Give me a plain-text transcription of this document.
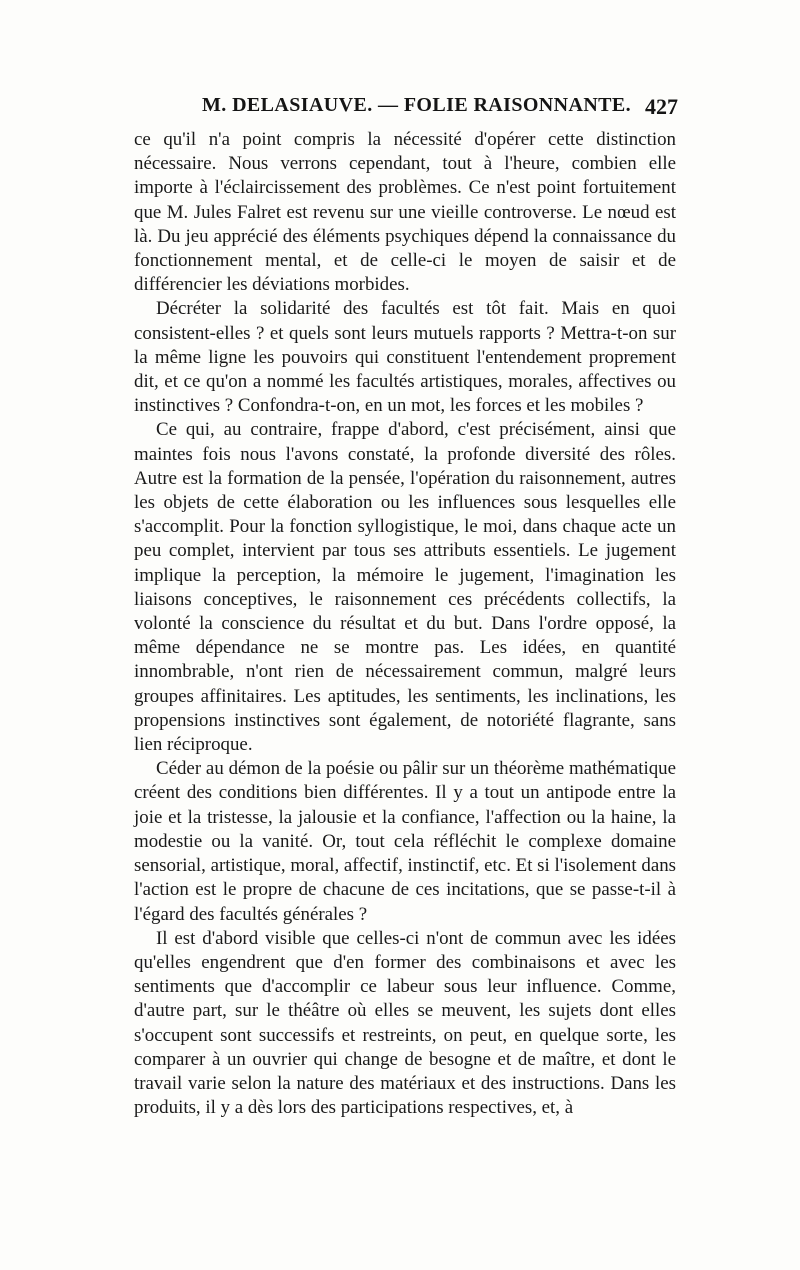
M. DELASIAUVE. — FOLIE RAISONNANTE. 427

ce qu'il n'a point compris la nécessité d'opérer cette distinction nécessaire. Nous verrons cependant, tout à l'heure, combien elle importe à l'éclaircissement des problèmes. Ce n'est point fortuitement que M. Jules Falret est revenu sur une vieille controverse. Le nœud est là. Du jeu apprécié des éléments psychiques dépend la connaissance du fonctionnement mental, et de celle-ci le moyen de saisir et de différencier les déviations morbides.

Décréter la solidarité des facultés est tôt fait. Mais en quoi consistent-elles ? et quels sont leurs mutuels rapports ? Mettra-t-on sur la même ligne les pouvoirs qui constituent l'entendement proprement dit, et ce qu'on a nommé les facultés artistiques, morales, affectives ou instinctives ? Confondra-t-on, en un mot, les forces et les mobiles ?

Ce qui, au contraire, frappe d'abord, c'est précisément, ainsi que maintes fois nous l'avons constaté, la profonde diversité des rôles. Autre est la formation de la pensée, l'opération du raisonnement, autres les objets de cette élaboration ou les influences sous lesquelles elle s'accomplit. Pour la fonction syllogistique, le moi, dans chaque acte un peu complet, intervient par tous ses attributs essentiels. Le jugement implique la perception, la mémoire le jugement, l'imagination les liaisons conceptives, le raisonnement ces précédents collectifs, la volonté la conscience du résultat et du but. Dans l'ordre opposé, la même dépendance ne se montre pas. Les idées, en quantité innombrable, n'ont rien de nécessairement commun, malgré leurs groupes affinitaires. Les aptitudes, les sentiments, les inclinations, les propensions instinctives sont également, de notoriété flagrante, sans lien réciproque.

Céder au démon de la poésie ou pâlir sur un théorème mathématique créent des conditions bien différentes. Il y a tout un antipode entre la joie et la tristesse, la jalousie et la confiance, l'affection ou la haine, la modestie ou la vanité. Or, tout cela réfléchit le complexe domaine sensorial, artistique, moral, affectif, instinctif, etc. Et si l'isolement dans l'action est le propre de chacune de ces incitations, que se passe-t-il à l'égard des facultés générales ?

Il est d'abord visible que celles-ci n'ont de commun avec les idées qu'elles engendrent que d'en former des combinaisons et avec les sentiments que d'accomplir ce labeur sous leur influence. Comme, d'autre part, sur le théâtre où elles se meuvent, les sujets dont elles s'occupent sont successifs et restreints, on peut, en quelque sorte, les comparer à un ouvrier qui change de besogne et de maître, et dont le travail varie selon la nature des matériaux et des instructions. Dans les produits, il y a dès lors des participations respectives, et, à
